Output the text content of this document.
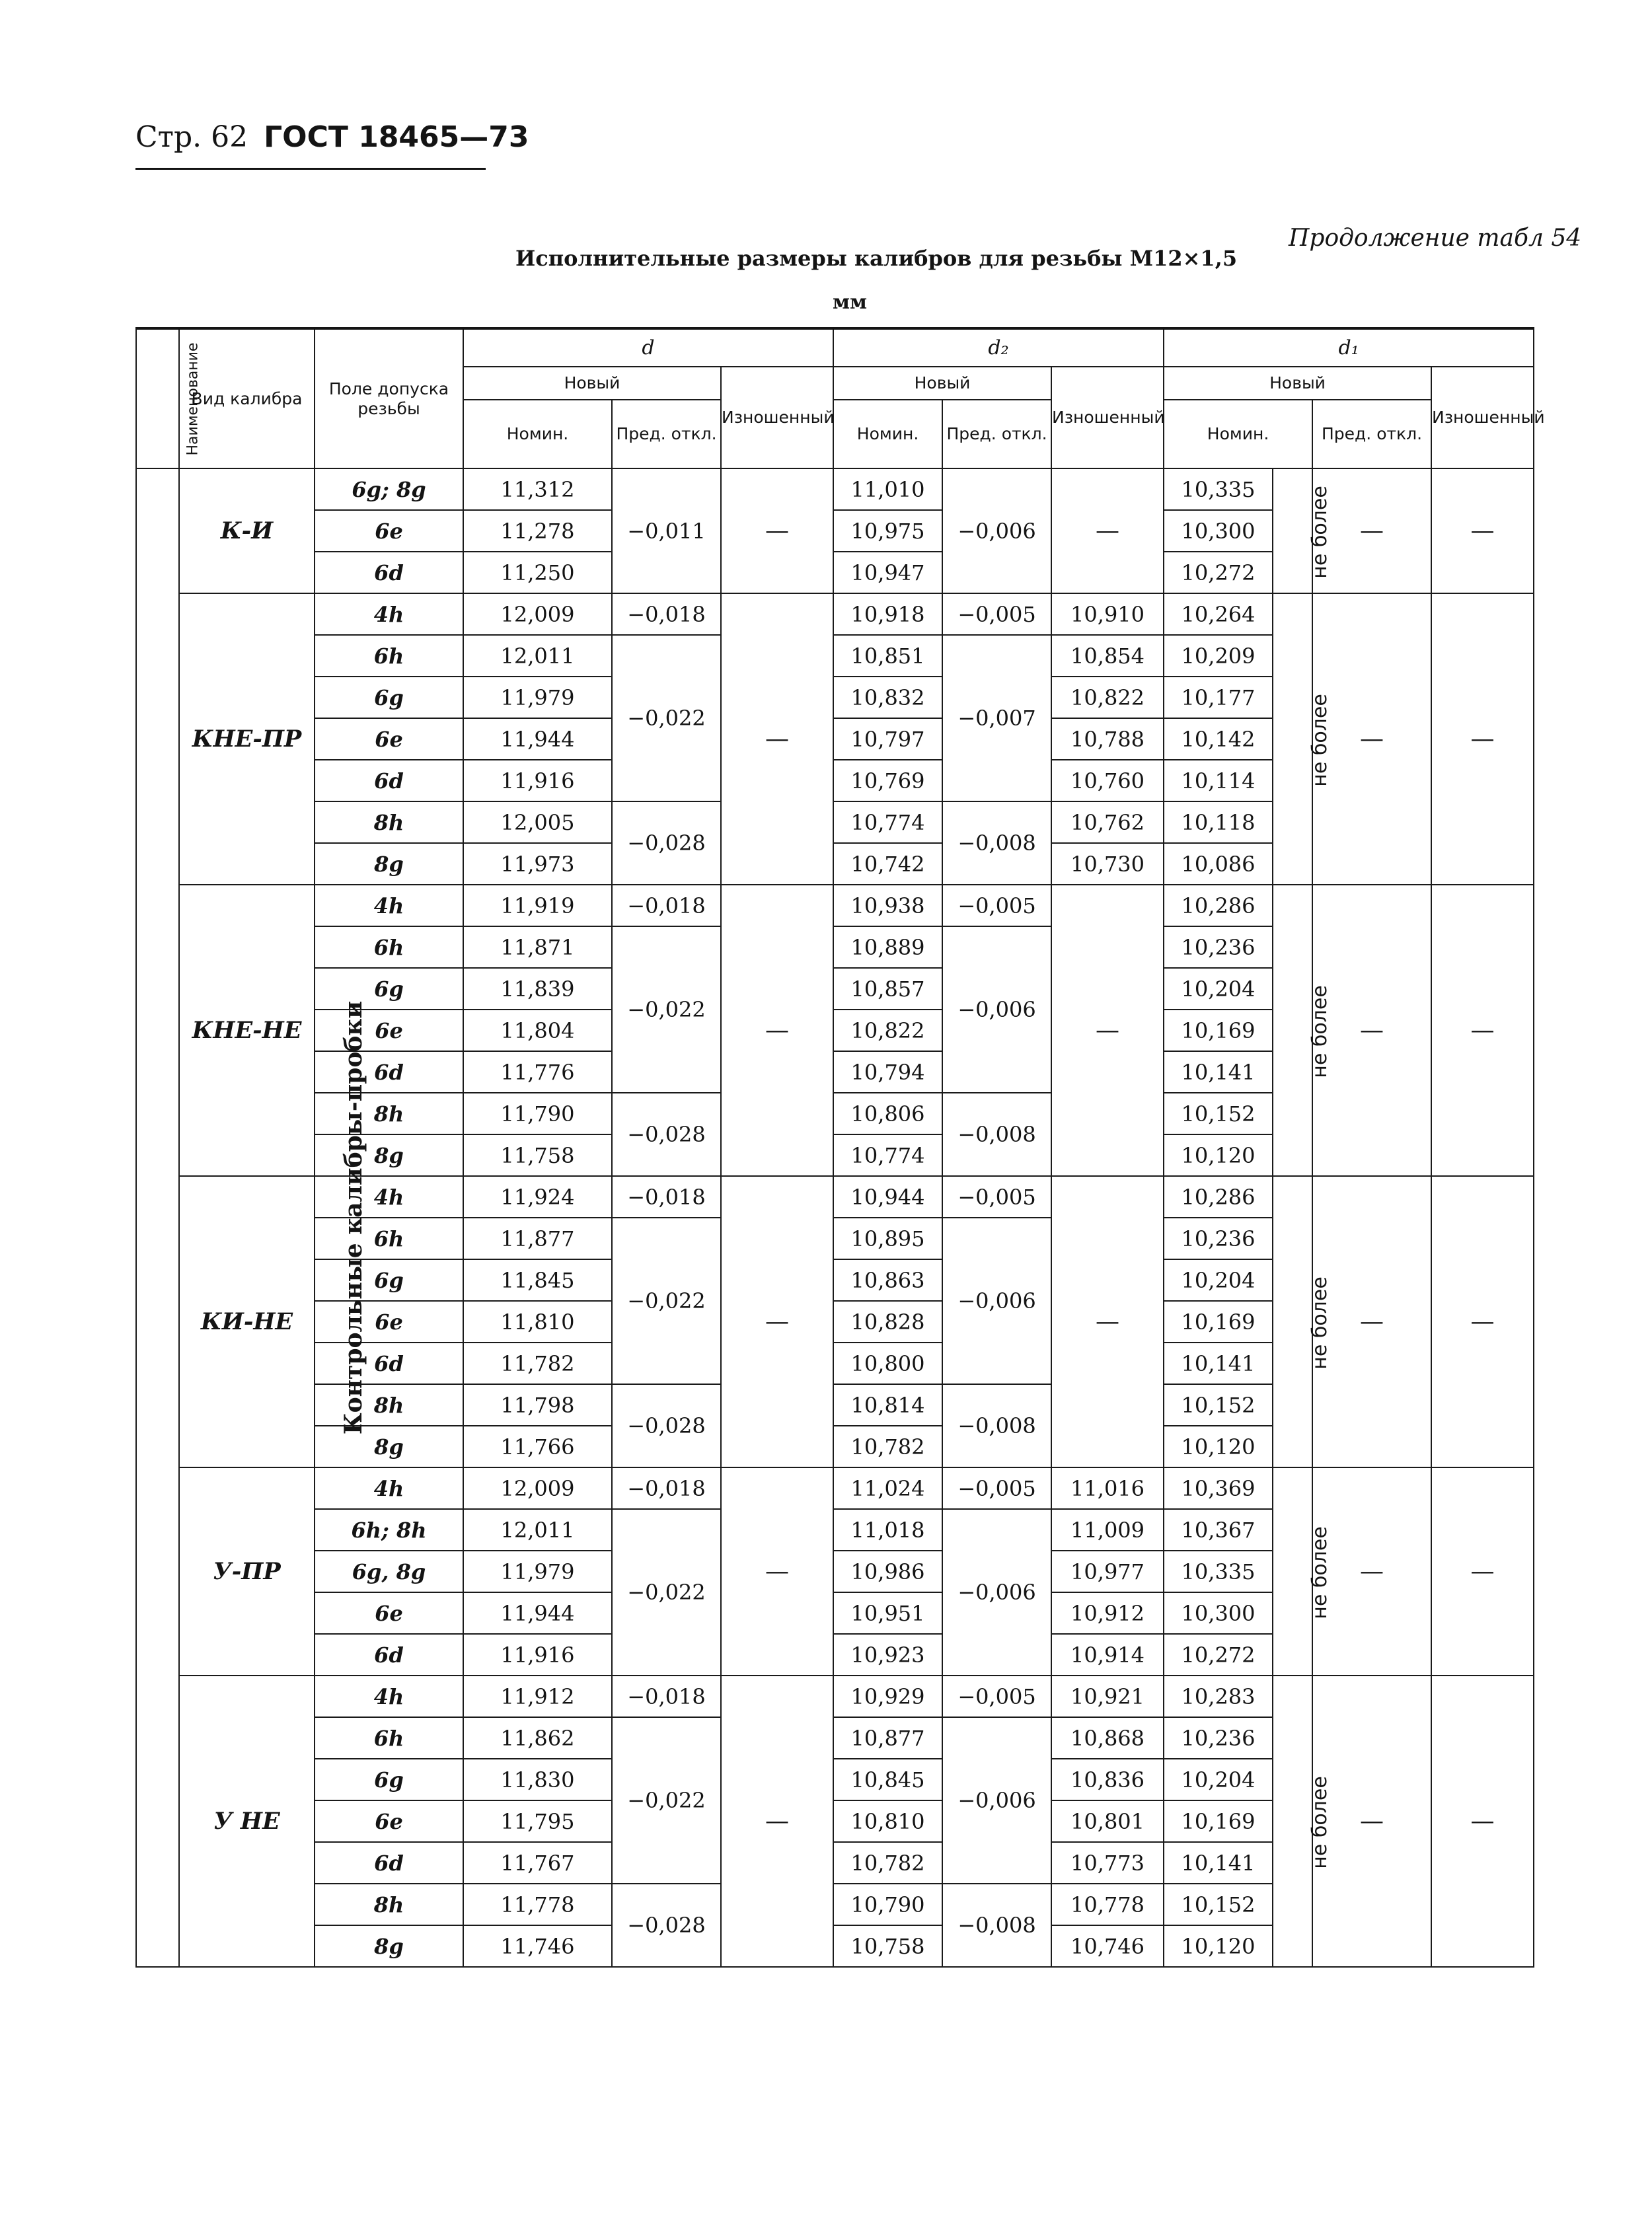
Стр. 62 ГОСТ 18465—73
Продолжение табл 54
Исполнительные размеры калибров для резьбы M12×1,5
мм
Наименование	Вид калибра	Поле допуска резьбы	d			d₂			d₁			
			Новый		Изношенный	Новый		Изношенный	Новый			Изношенный
			Номин.	Пред. откл.		Номин.	Пред. откл.		Номин.		Пред. откл.	
Контрольные калибры-пробки	К-И	6g; 8g	11,312	−0,011	—	11,010	−0,006	—	10,335	не более	—	—
		6e	11,278			10,975			10,300			
		6d	11,250			10,947			10,272			
	КНЕ-ПР	4h	12,009	−0,018	—	10,918	−0,005	10,910	10,264	не более	—	—
		6h	12,011	−0,022		10,851	−0,007	10,854	10,209			
		6g	11,979			10,832		10,822	10,177			
		6e	11,944			10,797		10,788	10,142			
		6d	11,916			10,769		10,760	10,114			
		8h	12,005	−0,028		10,774	−0,008	10,762	10,118			
		8g	11,973			10,742		10,730	10,086			
	КНЕ-НЕ	4h	11,919	−0,018	—	10,938	−0,005	—	10,286	не более	—	—
		6h	11,871	−0,022		10,889	−0,006		10,236			
		6g	11,839			10,857			10,204			
		6e	11,804			10,822			10,169			
		6d	11,776			10,794			10,141			
		8h	11,790	−0,028		10,806	−0,008		10,152			
		8g	11,758			10,774			10,120			
	КИ-НЕ	4h	11,924	−0,018	—	10,944	−0,005	—	10,286	не более	—	—
		6h	11,877	−0,022		10,895	−0,006		10,236			
		6g	11,845			10,863			10,204			
		6e	11,810			10,828			10,169			
		6d	11,782			10,800			10,141			
		8h	11,798	−0,028		10,814	−0,008		10,152			
		8g	11,766			10,782			10,120			
	У-ПР	4h	12,009	−0,018	—	11,024	−0,005	11,016	10,369	не более	—	—
		6h; 8h	12,011	−0,022		11,018	−0,006	11,009	10,367			
		6g, 8g	11,979			10,986		10,977	10,335			
		6e	11,944			10,951		10,912	10,300			
		6d	11,916			10,923		10,914	10,272			
	У НЕ	4h	11,912	−0,018	—	10,929	−0,005	10,921	10,283	не более	—	—
		6h	11,862	−0,022		10,877	−0,006	10,868	10,236			
		6g	11,830			10,845		10,836	10,204			
		6e	11,795			10,810		10,801	10,169			
		6d	11,767			10,782		10,773	10,141			
		8h	11,778	−0,028		10,790	−0,008	10,778	10,152			
		8g	11,746			10,758		10,746	10,120			
